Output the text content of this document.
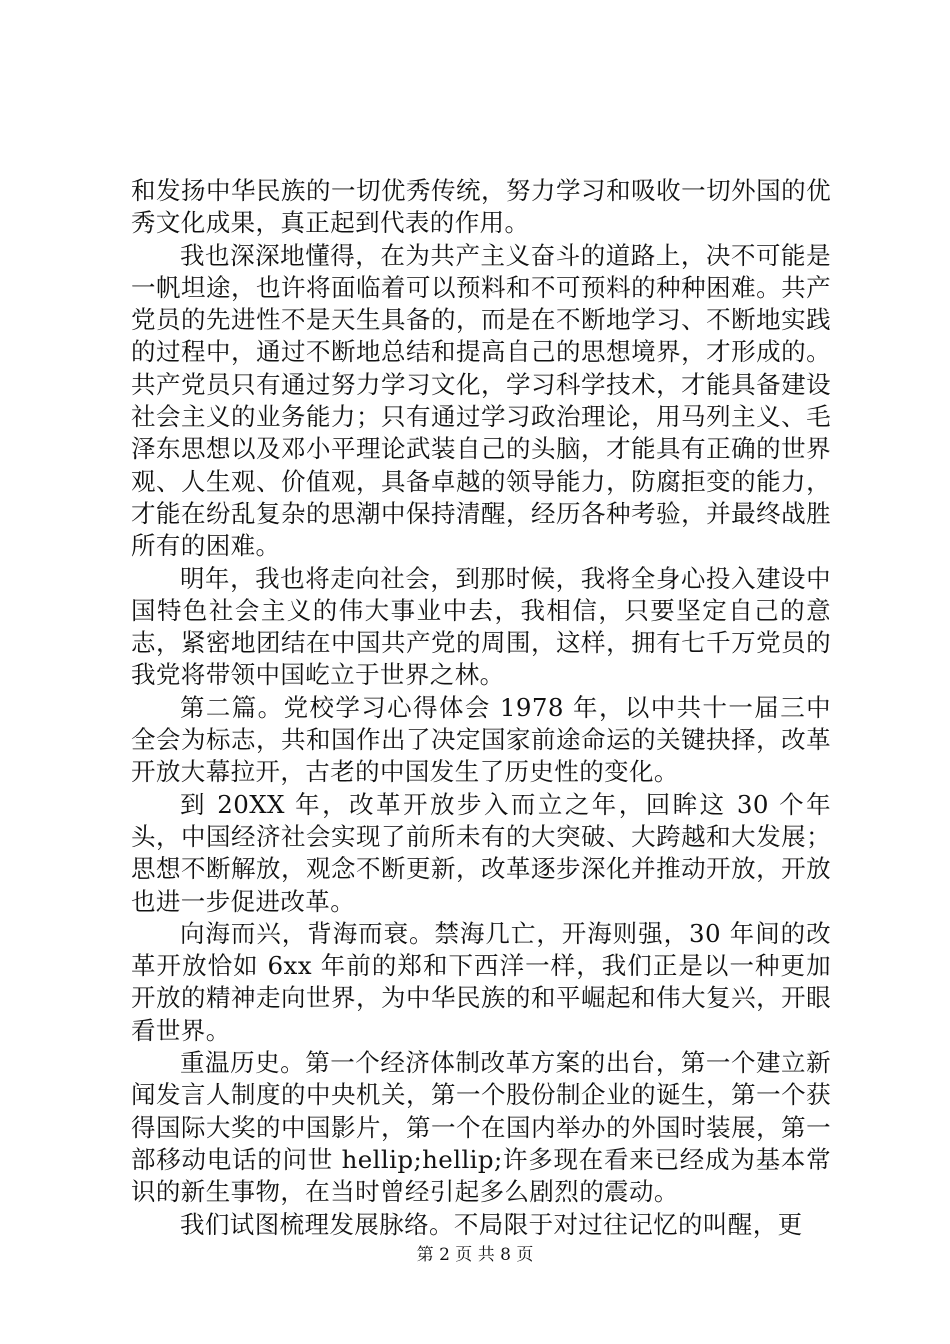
和发扬中华民族的一切优秀传统，努力学习和吸收一切外国的优秀文化成果，真正起到代表的作用。

我也深深地懂得，在为共产主义奋斗的道路上，决不可能是一帆坦途，也许将面临着可以预料和不可预料的种种困难。共产党员的先进性不是天生具备的，而是在不断地学习、不断地实践的过程中，通过不断地总结和提高自己的思想境界，才形成的。共产党员只有通过努力学习文化，学习科学技术，才能具备建设社会主义的业务能力；只有通过学习政治理论，用马列主义、毛泽东思想以及邓小平理论武装自己的头脑，才能具有正确的世界观、人生观、价值观，具备卓越的领导能力，防腐拒变的能力，才能在纷乱复杂的思潮中保持清醒，经历各种考验，并最终战胜所有的困难。

明年，我也将走向社会，到那时候，我将全身心投入建设中国特色社会主义的伟大事业中去，我相信，只要坚定自己的意志，紧密地团结在中国共产党的周围，这样，拥有七千万党员的我党将带领中国屹立于世界之林。

第二篇。党校学习心得体会 1978 年，以中共十一届三中全会为标志，共和国作出了决定国家前途命运的关键抉择，改革开放大幕拉开，古老的中国发生了历史性的变化。

到 20XX 年，改革开放步入而立之年，回眸这 30 个年头，中国经济社会实现了前所未有的大突破、大跨越和大发展；思想不断解放，观念不断更新，改革逐步深化并推动开放，开放也进一步促进改革。

向海而兴，背海而衰。禁海几亡，开海则强，30 年间的改革开放恰如 6xx 年前的郑和下西洋一样，我们正是以一种更加开放的精神走向世界，为中华民族的和平崛起和伟大复兴，开眼看世界。

重温历史。第一个经济体制改革方案的出台，第一个建立新闻发言人制度的中央机关，第一个股份制企业的诞生，第一个获得国际大奖的中国影片，第一个在国内举办的外国时装展，第一部移动电话的问世 hellip;hellip;许多现在看来已经成为基本常识的新生事物，在当时曾经引起多么剧烈的震动。

我们试图梳理发展脉络。不局限于对过往记忆的叫醒，更

第 2 页 共 8 页
